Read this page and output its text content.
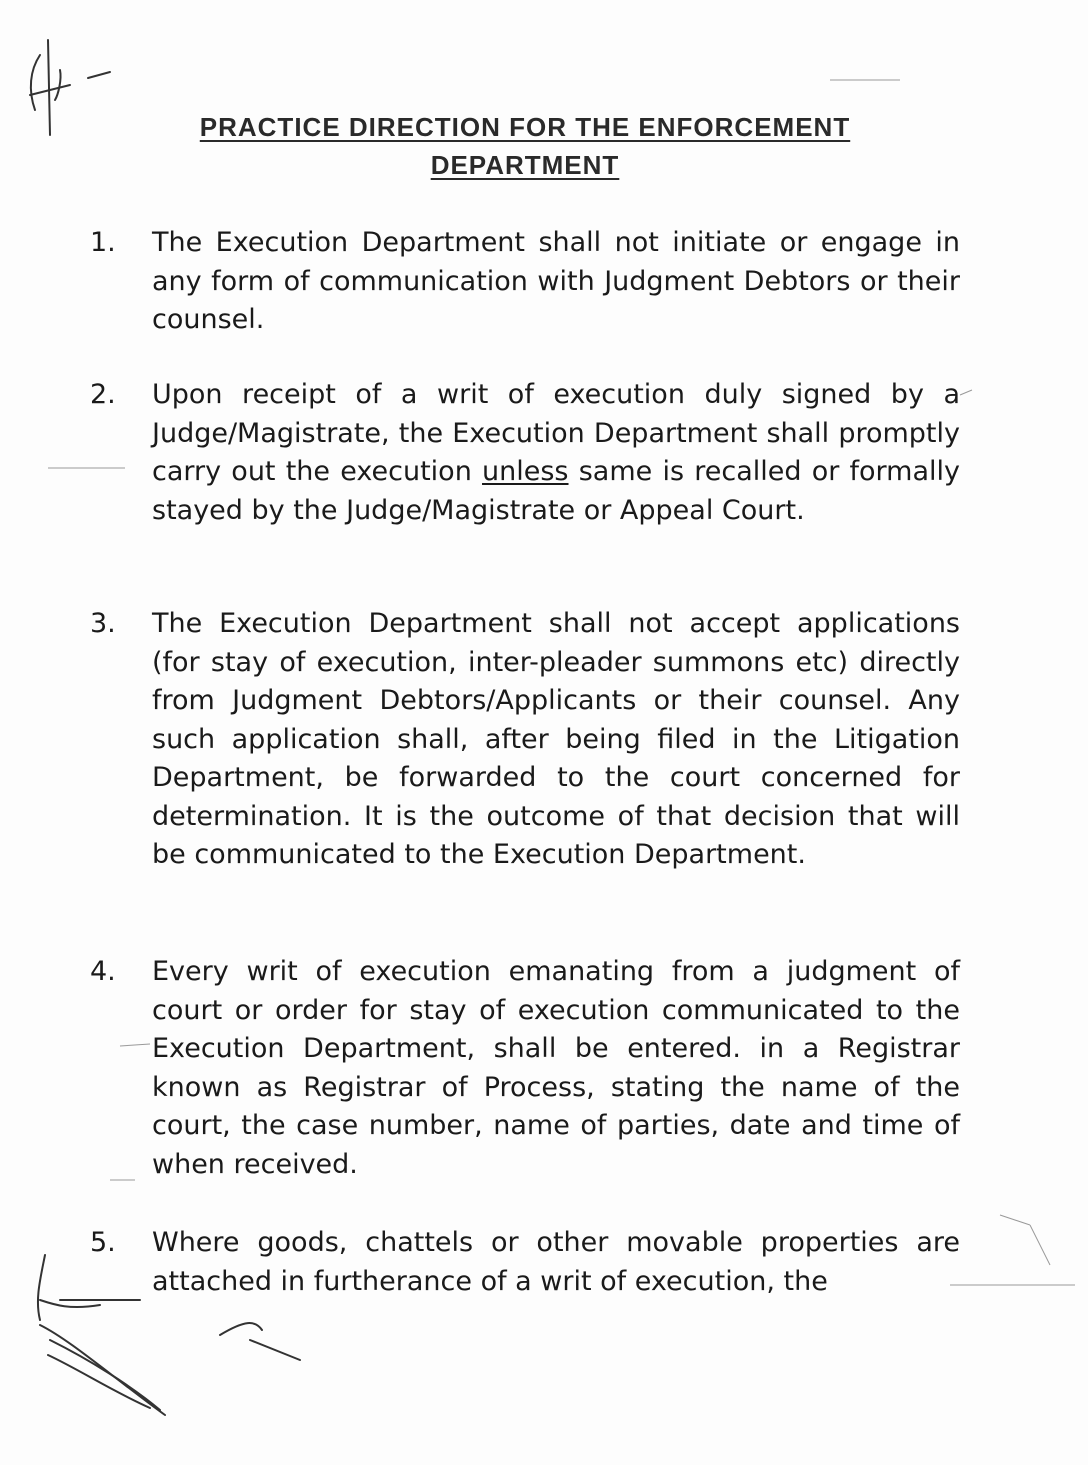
PRACTICE DIRECTION FOR THE ENFORCEMENT
DEPARTMENT
1.	The Execution Department shall not initiate or engage in any form of communication with Judgment Debtors or their counsel.
2.	Upon receipt of a writ of execution duly signed by a Judge/Magistrate, the Execution Department shall promptly carry out the execution unless same is recalled or formally stayed by the Judge/Magistrate or Appeal Court.
3.	The Execution Department shall not accept applications (for stay of execution, inter-pleader summons etc) directly from Judgment Debtors/Applicants or their counsel. Any such application shall, after being filed in the Litigation Department, be forwarded to the court concerned for determination. It is the outcome of that decision that will be communicated to the Execution Department.
4.	Every writ of execution emanating from a judgment of court or order for stay of execution communicated to the Execution Department, shall be entered. in a Registrar known as Registrar of Process, stating the name of the court, the case number, name of parties, date and time of when received.
5.	Where goods, chattels or other movable properties are attached in furtherance of a writ of execution, the
